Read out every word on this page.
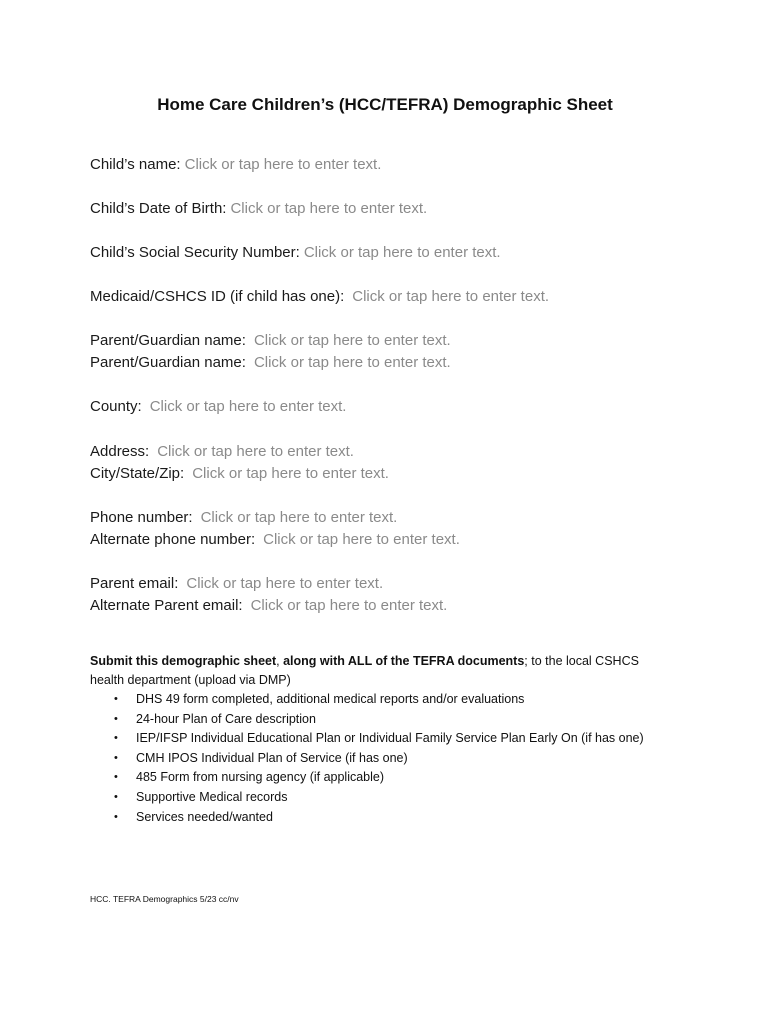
Home Care Children’s (HCC/TEFRA) Demographic Sheet
Child’s name: Click or tap here to enter text.
Child’s Date of Birth: Click or tap here to enter text.
Child’s Social Security Number: Click or tap here to enter text.
Medicaid/CSHCS ID (if child has one): Click or tap here to enter text.
Parent/Guardian name: Click or tap here to enter text.
Parent/Guardian name: Click or tap here to enter text.
County: Click or tap here to enter text.
Address: Click or tap here to enter text.
City/State/Zip: Click or tap here to enter text.
Phone number: Click or tap here to enter text.
Alternate phone number: Click or tap here to enter text.
Parent email: Click or tap here to enter text.
Alternate Parent email: Click or tap here to enter text.
Submit this demographic sheet, along with ALL of the TEFRA documents; to the local CSHCS health department (upload via DMP)
• DHS 49 form completed, additional medical reports and/or evaluations
• 24-hour Plan of Care description
• IEP/IFSP Individual Educational Plan or Individual Family Service Plan Early On (if has one)
• CMH IPOS Individual Plan of Service (if has one)
• 485 Form from nursing agency (if applicable)
• Supportive Medical records
• Services needed/wanted
HCC. TEFRA Demographics 5/23 cc/nv
